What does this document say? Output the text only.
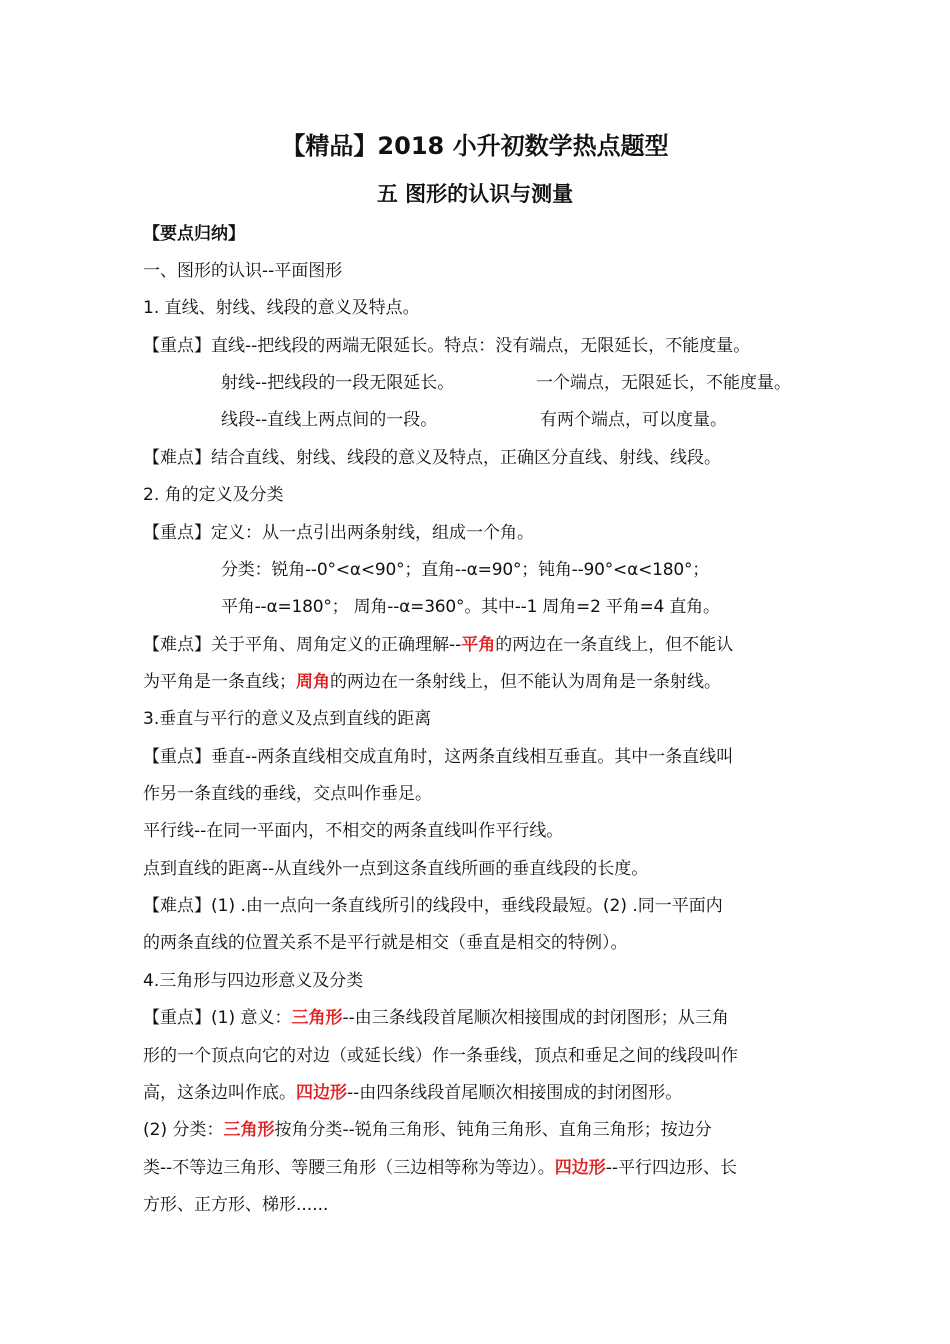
【精品】2018 小升初数学热点题型
五 图形的认识与测量
【要点归纳】
一、图形的认识--平面图形
1. 直线、射线、线段的意义及特点。
【重点】直线--把线段的两端无限延长。特点：没有端点，无限延长，不能度量。
射线--把线段的一段无限延长。	一个端点，无限延长，不能度量。
线段--直线上两点间的一段。	有两个端点，可以度量。
【难点】结合直线、射线、线段的意义及特点，正确区分直线、射线、线段。
2. 角的定义及分类
【重点】定义：从一点引出两条射线，组成一个角。
分类：锐角--0°<α<90°；直角--α=90°；钝角--90°<α<180°；
平角--α=180°； 周角--α=360°。其中--1 周角=2 平角=4 直角。
【难点】关于平角、周角定义的正确理解--平角的两边在一条直线上，但不能认
为平角是一条直线；周角的两边在一条射线上，但不能认为周角是一条射线。
3.垂直与平行的意义及点到直线的距离
【重点】垂直--两条直线相交成直角时，这两条直线相互垂直。其中一条直线叫
作另一条直线的垂线，交点叫作垂足。
平行线--在同一平面内，不相交的两条直线叫作平行线。
点到直线的距离--从直线外一点到这条直线所画的垂直线段的长度。
【难点】(1) .由一点向一条直线所引的线段中，垂线段最短。(2) .同一平面内
的两条直线的位置关系不是平行就是相交（垂直是相交的特例）。
4.三角形与四边形意义及分类
【重点】(1) 意义：三角形--由三条线段首尾顺次相接围成的封闭图形；从三角
形的一个顶点向它的对边（或延长线）作一条垂线，顶点和垂足之间的线段叫作
高，这条边叫作底。四边形--由四条线段首尾顺次相接围成的封闭图形。
(2) 分类：三角形按角分类--锐角三角形、钝角三角形、直角三角形；按边分
类--不等边三角形、等腰三角形（三边相等称为等边）。四边形--平行四边形、长
方形、正方形、梯形......
